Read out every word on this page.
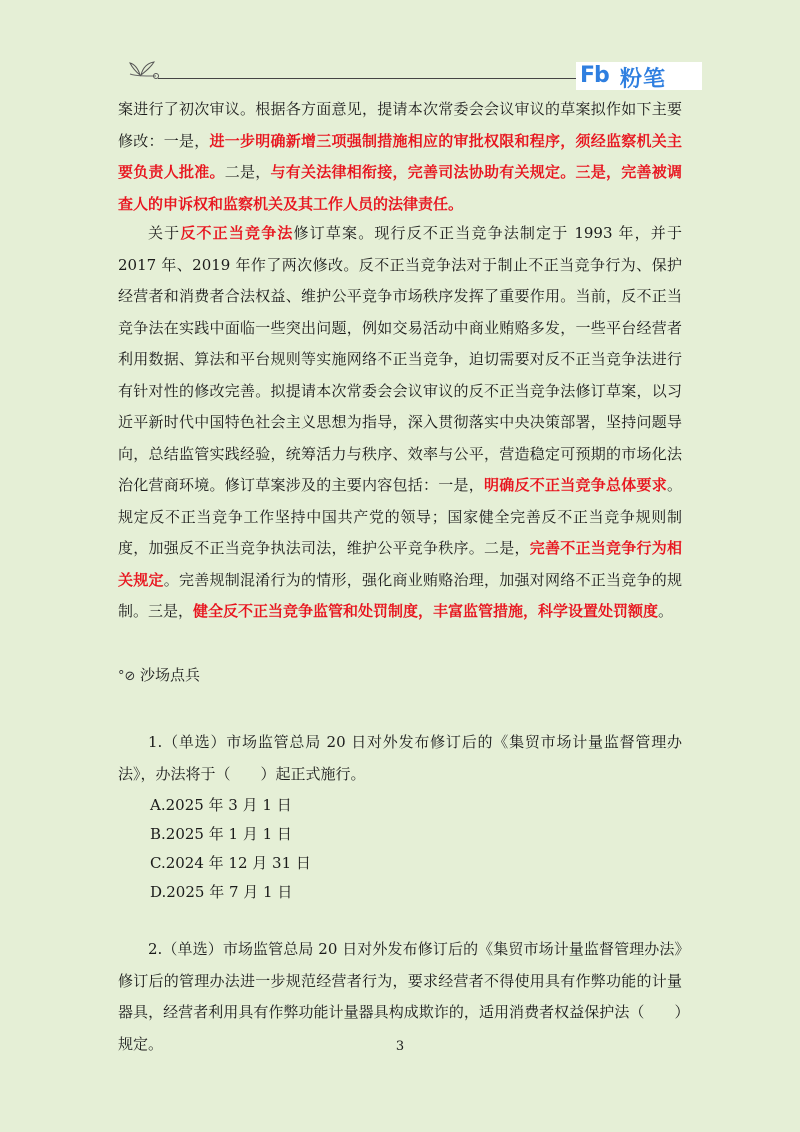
Fb 粉笔

案进行了初次审议。根据各方面意见，提请本次常委会会议审议的草案拟作如下主要修改：一是，进一步明确新增三项强制措施相应的审批权限和程序，须经监察机关主要负责人批准。二是，与有关法律相衔接，完善司法协助有关规定。三是，完善被调查人的申诉权和监察机关及其工作人员的法律责任。

关于反不正当竞争法修订草案。现行反不正当竞争法制定于 1993 年，并于 2017 年、2019 年作了两次修改。反不正当竞争法对于制止不正当竞争行为、保护经营者和消费者合法权益、维护公平竞争市场秩序发挥了重要作用。当前，反不正当竞争法在实践中面临一些突出问题，例如交易活动中商业贿赂多发，一些平台经营者利用数据、算法和平台规则等实施网络不正当竞争，迫切需要对反不正当竞争法进行有针对性的修改完善。拟提请本次常委会会议审议的反不正当竞争法修订草案，以习近平新时代中国特色社会主义思想为指导，深入贯彻落实中央决策部署，坚持问题导向，总结监管实践经验，统筹活力与秩序、效率与公平，营造稳定可预期的市场化法治化营商环境。修订草案涉及的主要内容包括：一是，明确反不正当竞争总体要求。规定反不正当竞争工作坚持中国共产党的领导；国家健全完善反不正当竞争规则制度，加强反不正当竞争执法司法，维护公平竞争秩序。二是，完善不正当竞争行为相关规定。完善规制混淆行为的情形，强化商业贿赂治理，加强对网络不正当竞争的规制。三是，健全反不正当竞争监管和处罚制度，丰富监管措施，科学设置处罚额度。

°⊘ 沙场点兵

1.（单选）市场监管总局 20 日对外发布修订后的《集贸市场计量监督管理办法》，办法将于（　　）起正式施行。

A.2025 年 3 月 1 日
B.2025 年 1 月 1 日
C.2024 年 12 月 31 日
D.2025 年 7 月 1 日

2.（单选）市场监管总局 20 日对外发布修订后的《集贸市场计量监督管理办法》修订后的管理办法进一步规范经营者行为，要求经营者不得使用具有作弊功能的计量器具，经营者利用具有作弊功能计量器具构成欺诈的，适用消费者权益保护法（　　）规定。	3
